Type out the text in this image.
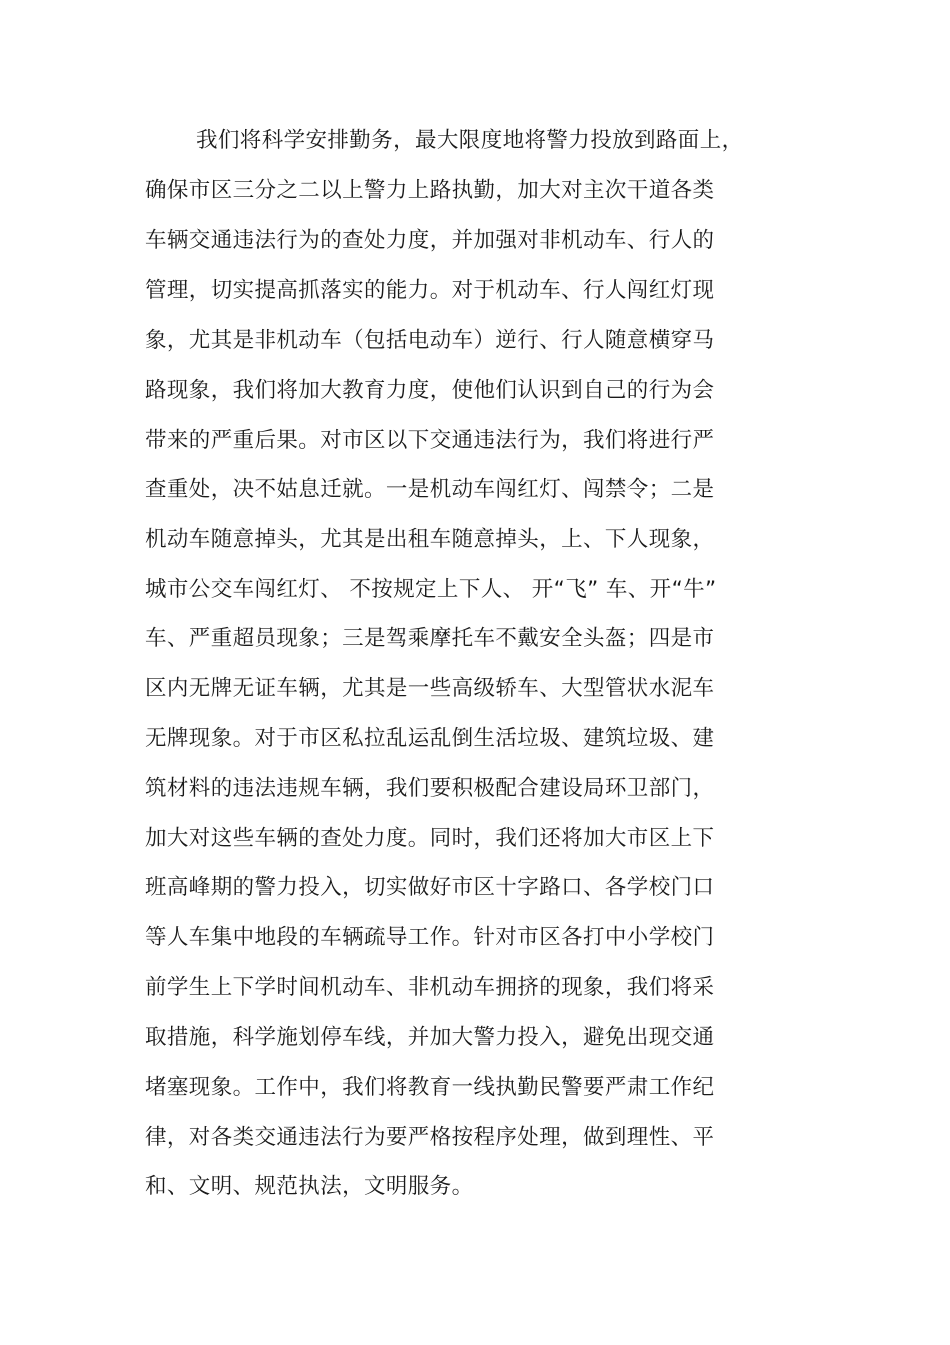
我们将科学安排勤务，最大限度地将警力投放到路面上，
确保市区三分之二以上警力上路执勤，加大对主次干道各类
车辆交通违法行为的查处力度，并加强对非机动车、行人的
管理，切实提高抓落实的能力。对于机动车、行人闯红灯现
象，尤其是非机动车（包括电动车）逆行、行人随意横穿马
路现象，我们将加大教育力度，使他们认识到自己的行为会
带来的严重后果。对市区以下交通违法行为，我们将进行严
查重处，决不姑息迁就。一是机动车闯红灯、闯禁令；二是
机动车随意掉头，尤其是出租车随意掉头，上、下人现象，
城市公交车闯红灯、 不按规定上下人、 开“飞” 车、开“牛”
车、严重超员现象；三是驾乘摩托车不戴安全头盔；四是市
区内无牌无证车辆，尤其是一些高级轿车、大型管状水泥车
无牌现象。对于市区私拉乱运乱倒生活垃圾、建筑垃圾、建
筑材料的违法违规车辆，我们要积极配合建设局环卫部门，
加大对这些车辆的查处力度。同时，我们还将加大市区上下
班高峰期的警力投入，切实做好市区十字路口、各学校门口
等人车集中地段的车辆疏导工作。针对市区各打中小学校门
前学生上下学时间机动车、非机动车拥挤的现象，我们将采
取措施，科学施划停车线，并加大警力投入，避免出现交通
堵塞现象。工作中，我们将教育一线执勤民警要严肃工作纪
律，对各类交通违法行为要严格按程序处理，做到理性、平
和、文明、规范执法，文明服务。
